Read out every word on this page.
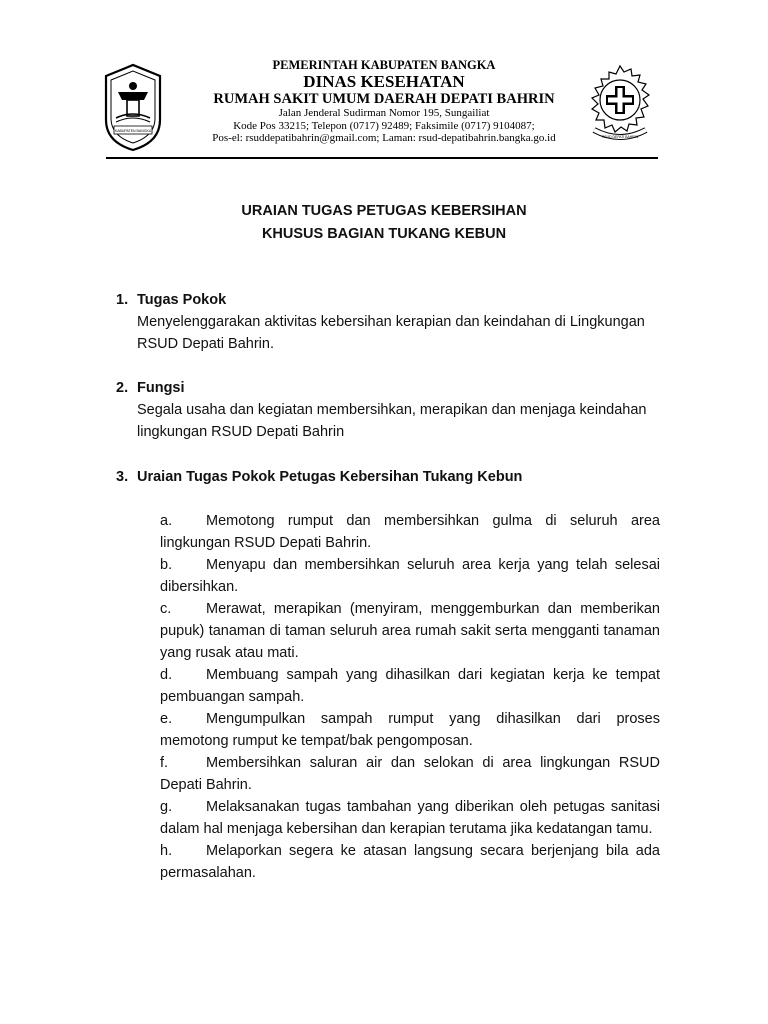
KABUPATEN BANGKA
PEMERINTAH KABUPATEN BANGKA
DINAS KESEHATAN
RUMAH SAKIT UMUM DAERAH DEPATI BAHRIN
Jalan Jenderal Sudirman Nomor 195, Sungailiat
Kode Pos 33215; Telepon (0717) 92489; Faksimile (0717) 9104087;
Pos-el: rsuddepatibahrin@gmail.com; Laman: rsud-depatibahrin.bangka.go.id	RSUD DEPATI BAHRIN
URAIAN TUGAS PETUGAS KEBERSIHAN
KHUSUS BAGIAN TUKANG KEBUN
1. Tugas Pokok
Menyelenggarakan aktivitas kebersihan kerapian dan keindahan di Lingkungan RSUD Depati Bahrin.
2. Fungsi
Segala usaha dan kegiatan membersihkan, merapikan dan menjaga keindahan lingkungan RSUD Depati Bahrin
3. Uraian Tugas Pokok Petugas Kebersihan Tukang Kebun

a. Memotong rumput dan membersihkan gulma di seluruh area lingkungan RSUD Depati Bahrin.

b. Menyapu dan membersihkan seluruh area kerja yang telah selesai dibersihkan.

c. Merawat, merapikan (menyiram, menggemburkan dan memberikan pupuk) tanaman di taman seluruh area rumah sakit serta mengganti tanaman yang rusak atau mati.

d. Membuang sampah yang dihasilkan dari kegiatan kerja ke tempat pembuangan sampah.

e. Mengumpulkan sampah rumput yang dihasilkan dari proses memotong rumput ke tempat/bak pengomposan.

f.	Membersihkan saluran air dan selokan di area lingkungan RSUD Depati Bahrin.

g. Melaksanakan tugas tambahan yang diberikan oleh petugas sanitasi dalam hal menjaga kebersihan dan kerapian terutama jika kedatangan tamu.

h. Melaporkan segera ke atasan langsung secara berjenjang bila ada permasalahan.
